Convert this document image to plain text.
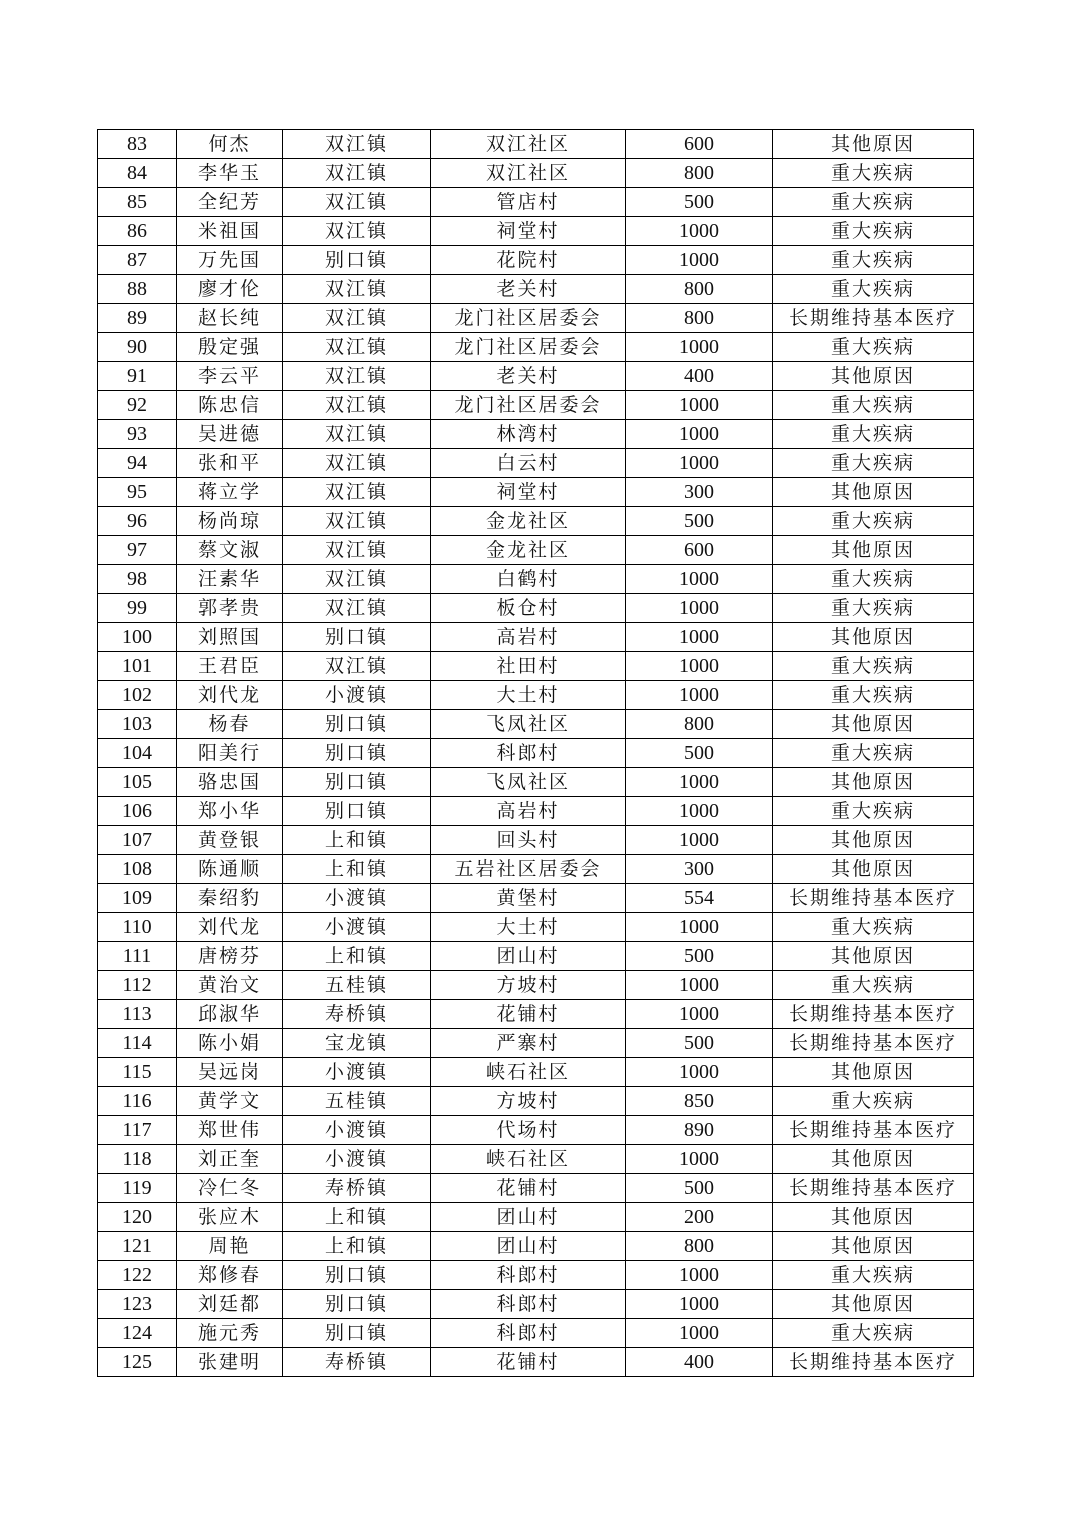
83	何杰	双江镇	双江社区	600	其他原因
84	李华玉	双江镇	双江社区	800	重大疾病
85	全纪芳	双江镇	管店村	500	重大疾病
86	米祖国	双江镇	祠堂村	1000	重大疾病
87	万先国	别口镇	花院村	1000	重大疾病
88	廖才伦	双江镇	老关村	800	重大疾病
89	赵长纯	双江镇	龙门社区居委会	800	长期维持基本医疗
90	殷定强	双江镇	龙门社区居委会	1000	重大疾病
91	李云平	双江镇	老关村	400	其他原因
92	陈忠信	双江镇	龙门社区居委会	1000	重大疾病
93	吴进德	双江镇	林湾村	1000	重大疾病
94	张和平	双江镇	白云村	1000	重大疾病
95	蒋立学	双江镇	祠堂村	300	其他原因
96	杨尚琼	双江镇	金龙社区	500	重大疾病
97	蔡文淑	双江镇	金龙社区	600	其他原因
98	汪素华	双江镇	白鹤村	1000	重大疾病
99	郭孝贵	双江镇	板仓村	1000	重大疾病
100	刘照国	别口镇	高岩村	1000	其他原因
101	王君臣	双江镇	社田村	1000	重大疾病
102	刘代龙	小渡镇	大土村	1000	重大疾病
103	杨春	别口镇	飞凤社区	800	其他原因
104	阳美行	别口镇	科郎村	500	重大疾病
105	骆忠国	别口镇	飞凤社区	1000	其他原因
106	郑小华	别口镇	高岩村	1000	重大疾病
107	黄登银	上和镇	回头村	1000	其他原因
108	陈通顺	上和镇	五岩社区居委会	300	其他原因
109	秦绍豹	小渡镇	黄堡村	554	长期维持基本医疗
110	刘代龙	小渡镇	大土村	1000	重大疾病
111	唐榜芬	上和镇	团山村	500	其他原因
112	黄治文	五桂镇	方坡村	1000	重大疾病
113	邱淑华	寿桥镇	花铺村	1000	长期维持基本医疗
114	陈小娟	宝龙镇	严寨村	500	长期维持基本医疗
115	吴远岗	小渡镇	峡石社区	1000	其他原因
116	黄学文	五桂镇	方坡村	850	重大疾病
117	郑世伟	小渡镇	代场村	890	长期维持基本医疗
118	刘正奎	小渡镇	峡石社区	1000	其他原因
119	冷仁冬	寿桥镇	花铺村	500	长期维持基本医疗
120	张应木	上和镇	团山村	200	其他原因
121	周艳	上和镇	团山村	800	其他原因
122	郑修春	别口镇	科郎村	1000	重大疾病
123	刘廷都	别口镇	科郎村	1000	其他原因
124	施元秀	别口镇	科郎村	1000	重大疾病
125	张建明	寿桥镇	花铺村	400	长期维持基本医疗
